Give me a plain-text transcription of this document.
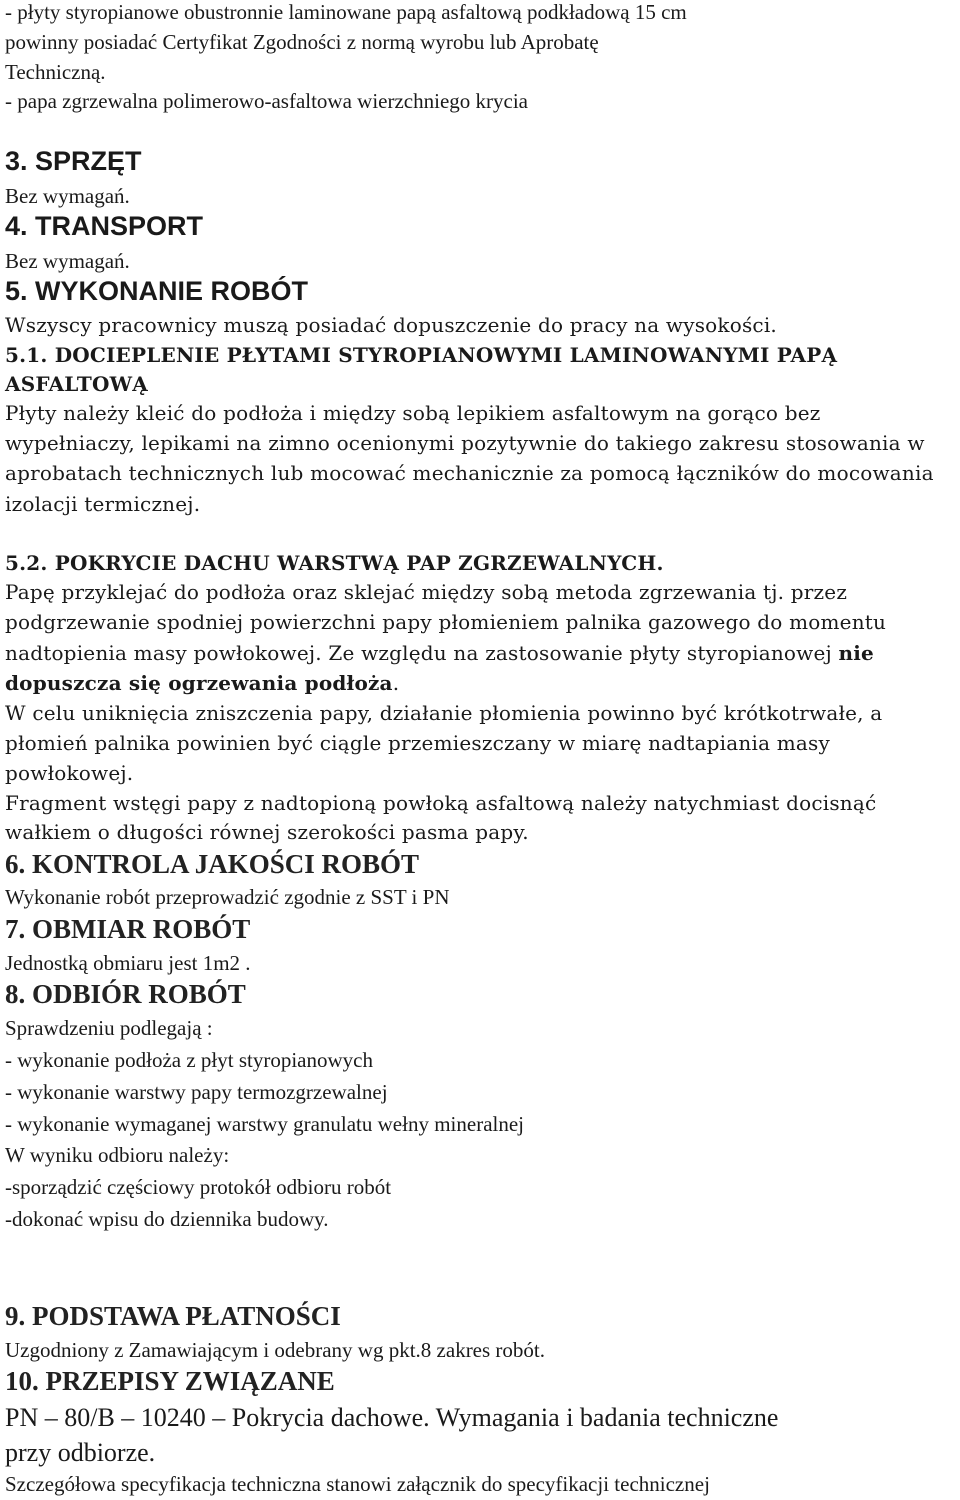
- płyty styropianowe obustronnie laminowane papą asfaltową podkładową 15 cm
powinny posiadać Certyfikat Zgodności z normą wyrobu lub Aprobatę
Techniczną.
- papa zgrzewalna polimerowo-asfaltowa wierzchniego krycia
3. SPRZĘT
Bez wymagań.
4. TRANSPORT
Bez wymagań.
5. WYKONANIE ROBÓT
Wszyscy pracownicy muszą posiadać dopuszczenie do pracy na wysokości.
5.1. DOCIEPLENIE PŁYTAMI STYROPIANOWYMI LAMINOWANYMI PAPĄ
ASFALTOWĄ
Płyty należy kleić do podłoża i między sobą lepikiem asfaltowym na gorąco bez
wypełniaczy, lepikami na zimno ocenionymi pozytywnie do takiego zakresu stosowania w
aprobatach technicznych lub mocować mechanicznie za pomocą łączników do mocowania
izolacji termicznej.
5.2. POKRYCIE DACHU WARSTWĄ PAP ZGRZEWALNYCH.
Papę przyklejać do podłoża oraz sklejać między sobą metoda zgrzewania tj. przez
podgrzewanie spodniej powierzchni papy płomieniem palnika gazowego do momentu
nadtopienia masy powłokowej. Ze względu na zastosowanie płyty styropianowej nie
dopuszcza się ogrzewania podłoża.
W celu uniknięcia zniszczenia papy, działanie płomienia powinno być krótkotrwałe, a
płomień palnika powinien być ciągle przemieszczany w miarę nadtapiania masy
powłokowej.
Fragment wstęgi papy z nadtopioną powłoką asfaltową należy natychmiast docisnąć
wałkiem o długości równej szerokości pasma papy.
6. KONTROLA JAKOŚCI ROBÓT
Wykonanie robót przeprowadzić zgodnie z SST i PN
7. OBMIAR ROBÓT
Jednostką obmiaru jest 1m2 .
8. ODBIÓR ROBÓT
Sprawdzeniu podlegają :
- wykonanie podłoża z płyt styropianowych
- wykonanie warstwy papy termozgrzewalnej
- wykonanie wymaganej warstwy granulatu wełny mineralnej
W wyniku odbioru należy:
-sporządzić częściowy protokół odbioru robót
-dokonać wpisu do dziennika budowy.
9. PODSTAWA PŁATNOŚCI
Uzgodniony z Zamawiającym i odebrany wg pkt.8 zakres robót.
10. PRZEPISY ZWIĄZANE
PN – 80/B – 10240 – Pokrycia dachowe. Wymagania i badania techniczne
przy odbiorze.
Szczegółowa specyfikacja techniczna stanowi załącznik do specyfikacji technicznej
